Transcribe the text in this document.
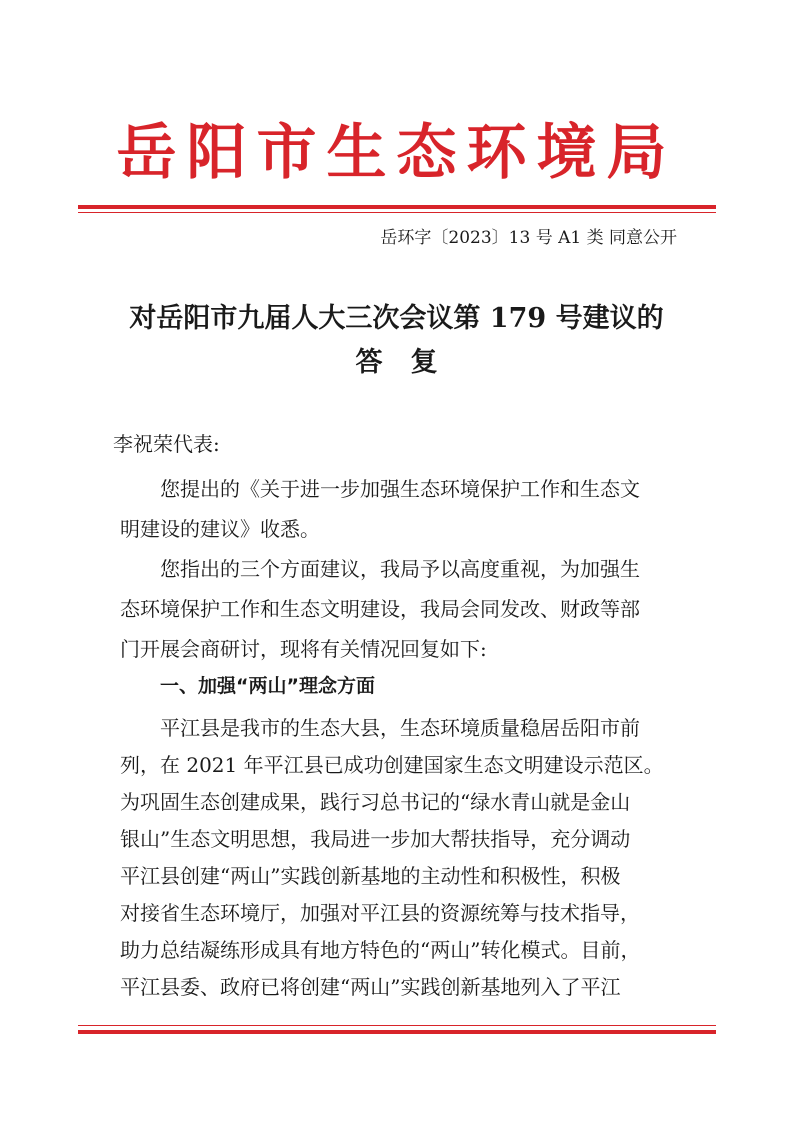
岳阳市生态环境局
岳环字〔2023〕13 号 A1 类 同意公开
对岳阳市九届人大三次会议第 179 号建议的
答复
李祝荣代表:
您提出的《关于进一步加强生态环境保护工作和生态文
明建设的建议》收悉。
您指出的三个方面建议，我局予以高度重视，为加强生
态环境保护工作和生态文明建设，我局会同发改、财政等部
门开展会商研讨，现将有关情况回复如下:
一、加强“两山”理念方面
平江县是我市的生态大县，生态环境质量稳居岳阳市前
列，在 2021 年平江县已成功创建国家生态文明建设示范区。
为巩固生态创建成果，践行习总书记的“绿水青山就是金山
银山”生态文明思想，我局进一步加大帮扶指导，充分调动
平江县创建“两山”实践创新基地的主动性和积极性，积极
对接省生态环境厅，加强对平江县的资源统筹与技术指导，
助力总结凝练形成具有地方特色的“两山”转化模式。目前，
平江县委、政府已将创建“两山”实践创新基地列入了平江
